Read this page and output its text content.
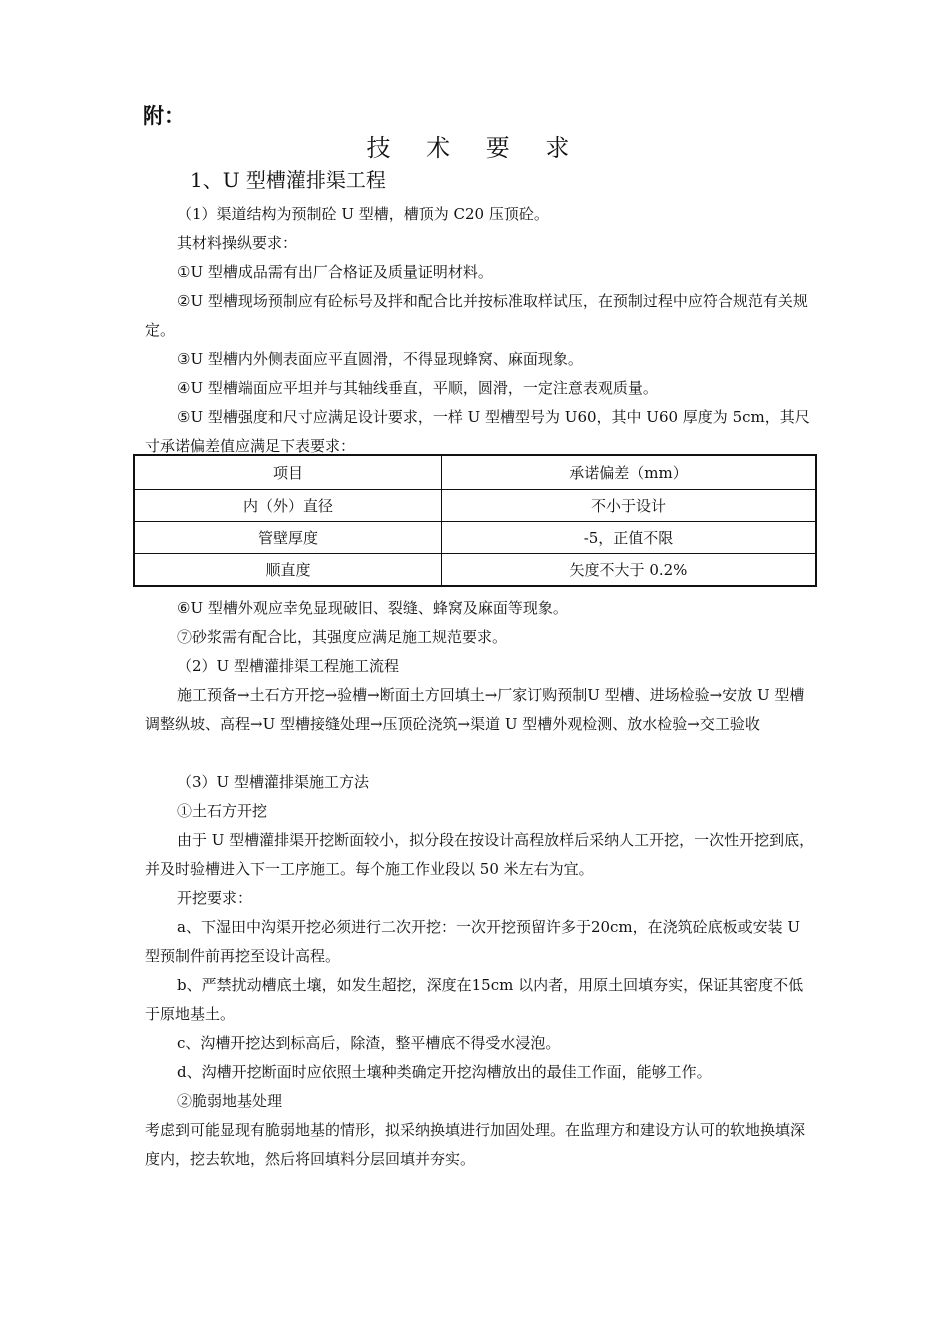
附：

技 术 要 求
1、U 型槽灌排渠工程

（1）渠道结构为预制砼 U 型槽，槽顶为 C20 压顶砼。

其材料操纵要求：

①U 型槽成品需有出厂合格证及质量证明材料。

②U 型槽现场预制应有砼标号及拌和配合比并按标准取样试压，在预制过程中应符合规范有关规定。

③U 型槽内外侧表面应平直圆滑，不得显现蜂窝、麻面现象。

④U 型槽端面应平坦并与其轴线垂直，平顺，圆滑，一定注意表观质量。

⑤U 型槽强度和尺寸应满足设计要求，一样 U 型槽型号为 U60，其中 U60 厚度为 5cm，其尺寸承诺偏差值应满足下表要求：

项目	承诺偏差（mm）
内（外）直径	不小于设计
管壁厚度	-5，正值不限
顺直度	矢度不大于 0.2%

⑥U 型槽外观应幸免显现破旧、裂缝、蜂窝及麻面等现象。

⑦砂浆需有配合比，其强度应满足施工规范要求。

（2）U 型槽灌排渠工程施工流程

施工预备→土石方开挖→验槽→断面土方回填土→厂家订购预制U 型槽、进场检验→安放 U 型槽调整纵坡、高程→U 型槽接缝处理→压顶砼浇筑→渠道 U 型槽外观检测、放水检验→交工验收

（3）U 型槽灌排渠施工方法

①土石方开挖

由于 U 型槽灌排渠开挖断面较小，拟分段在按设计高程放样后采纳人工开挖，一次性开挖到底，并及时验槽进入下一工序施工。每个施工作业段以 50 米左右为宜。

开挖要求：

a、下湿田中沟渠开挖必须进行二次开挖：一次开挖预留许多于20cm，在浇筑砼底板或安装 U 型预制件前再挖至设计高程。

b、严禁扰动槽底土壤，如发生超挖，深度在15cm 以内者，用原土回填夯实，保证其密度不低于原地基土。

c、沟槽开挖达到标高后，除渣，整平槽底不得受水浸泡。

d、沟槽开挖断面时应依照土壤种类确定开挖沟槽放出的最佳工作面，能够工作。

②脆弱地基处理

考虑到可能显现有脆弱地基的情形，拟采纳换填进行加固处理。在监理方和建设方认可的软地换填深度内，挖去软地，然后将回填料分层回填并夯实。
